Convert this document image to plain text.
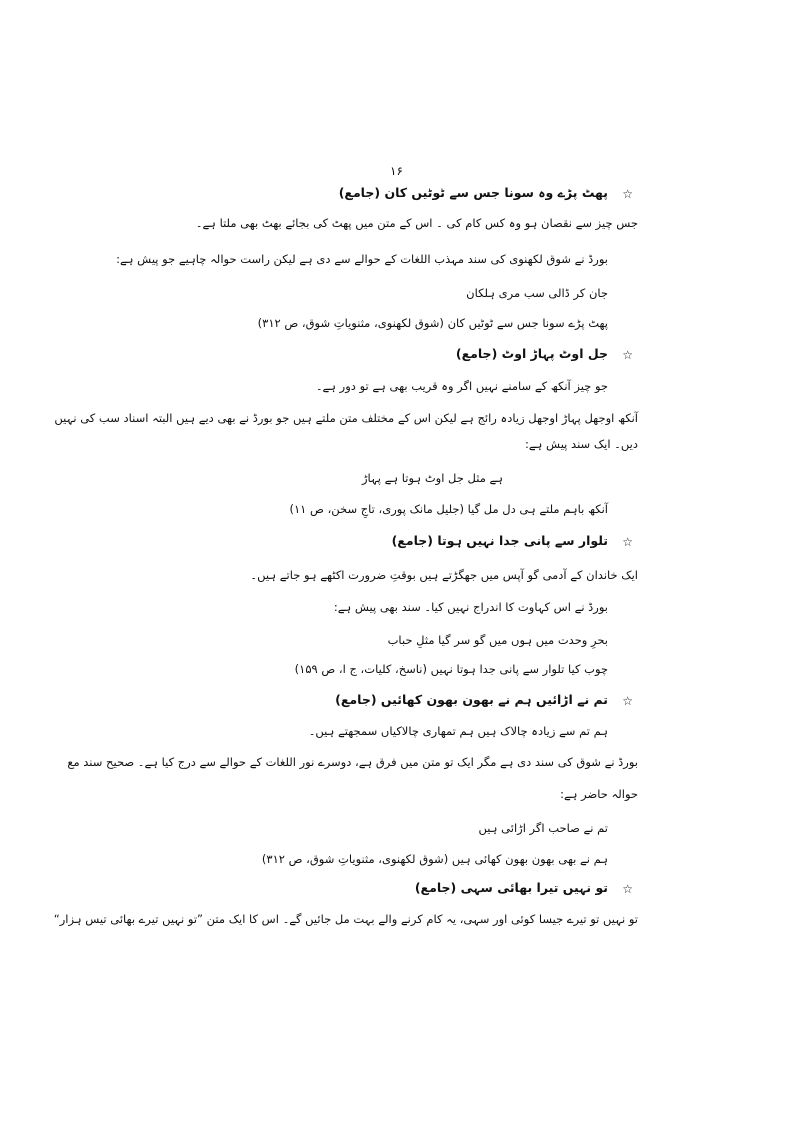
۱۶
☆
پھٹ پڑے وہ سونا جس سے ٹوٹیں کان (جامع)
جس چیز سے نقصان ہو وہ کس کام کی ۔ اس کے متن میں پھٹ کی بجائے بھٹ بھی ملتا ہے۔
بورڈ نے شوق لکھنوی کی سند مہذب اللغات کے حوالے سے دی ہے لیکن راست حوالہ چاہیے جو پیش ہے:
جان کر ڈالی سب مری ہلکان
پھٹ پڑے سونا جس سے ٹوٹیں کان (شوق لکھنوی، مثنویاتِ شوق، ص ۳۱۲)
☆
جل اوٹ پہاڑ اوٹ (جامع)
جو چیز آنکھ کے سامنے نہیں اگر وہ قریب بھی ہے تو دور ہے۔
آنکھ اوجھل پہاڑ اوجھل زیادہ رائج ہے لیکن اس کے مختلف متن ملتے ہیں جو بورڈ نے بھی دیے ہیں البتہ اسناد سب کی نہیں
دیں۔ ایک سند پیش ہے:
ہے مثل جل اوٹ ہوتا ہے پہاڑ
آنکھ باہم ملتے ہی دل مل گیا (جلیل مانک پوری، تاجِ سخن، ص ۱۱)
☆
تلوار سے پانی جدا نہیں ہوتا (جامع)
ایک خاندان کے آدمی گو آپس میں جھگڑتے ہیں بوقتِ ضرورت اکٹھے ہو جاتے ہیں۔
بورڈ نے اس کہاوت کا اندراج نہیں کیا۔ سند بھی پیش ہے:
بحرِ وحدت میں ہوں میں گو سر گیا مثلِ حباب
چوب کیا تلوار سے پانی جدا ہوتا نہیں (ناسخ، کلیات، ج ا، ص ۱۵۹)
☆
تم نے اڑائیں ہم نے بھون بھون کھائیں (جامع)
ہم تم سے زیادہ چالاک ہیں ہم تمھاری چالاکیاں سمجھتے ہیں۔
بورڈ نے شوق کی سند دی ہے مگر ایک تو متن میں فرق ہے، دوسرے نور اللغات کے حوالے سے درج کیا ہے۔ صحیح سند مع
حوالہ حاضر ہے:
تم نے صاحب اگر اڑائی ہیں
ہم نے بھی بھون بھون کھائی ہیں (شوق لکھنوی، مثنویاتِ شوق، ص ۳۱۲)
☆
تو نہیں تیرا بھائی سہی (جامع)
تو نہیں تو تیرے جیسا کوئی اور سہی، یہ کام کرنے والے بہت مل جائیں گے۔ اس کا ایک متن ”تو نہیں تیرے بھائی تیس ہزار“
